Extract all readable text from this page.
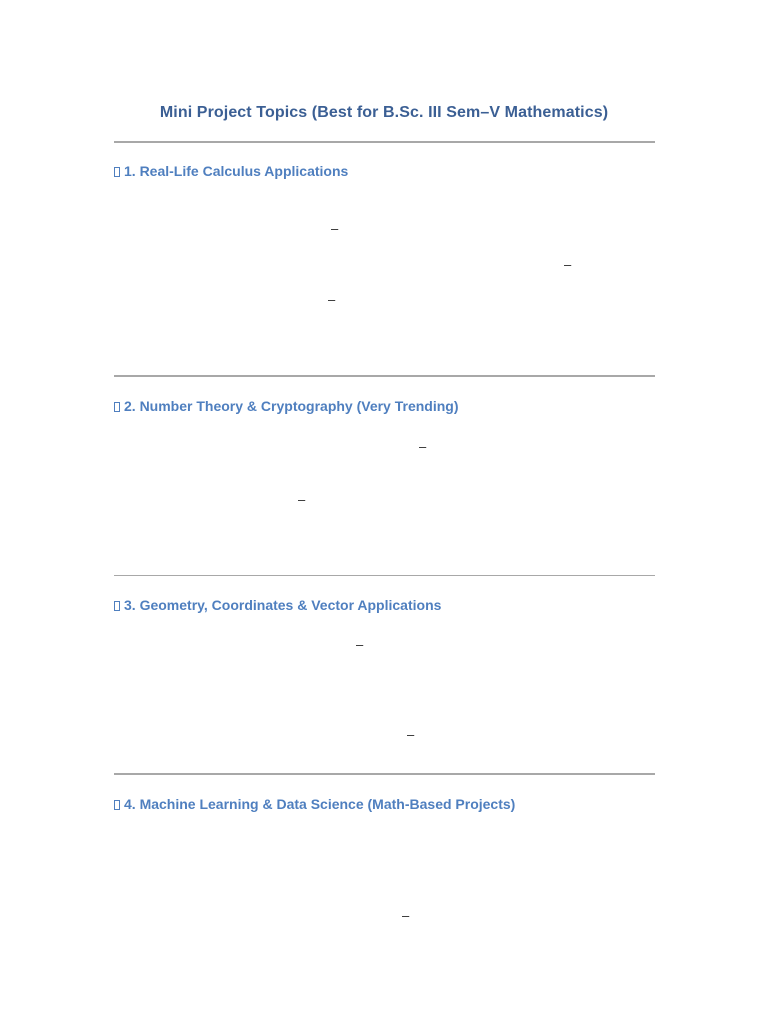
Mini Project Topics (Best for B.Sc. III Sem–V Mathematics)
1. Real-Life Calculus Applications
–
–
–
2. Number Theory & Cryptography (Very Trending)
–
–
3. Geometry, Coordinates & Vector Applications
–
–
4. Machine Learning & Data Science (Math-Based Projects)
–
